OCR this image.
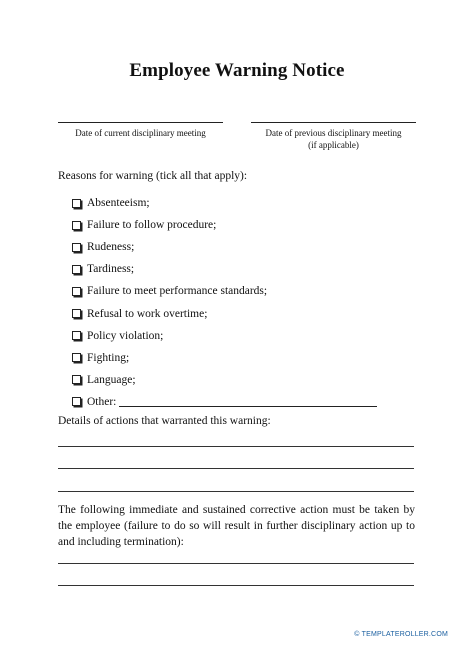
Employee Warning Notice
Date of current disciplinary meeting	Date of previous disciplinary meeting
(if applicable)
Reasons for warning (tick all that apply):
Absenteeism;
Failure to follow procedure;
Rudeness;
Tardiness;
Failure to meet performance standards;
Refusal to work overtime;
Policy violation;
Fighting;
Language;
Other:
Details of actions that warranted this warning:
The following immediate and sustained corrective action must be taken by the employee (failure to do so will result in further disciplinary action up to and including termination):
© TEMPLATEROLLER.COM
